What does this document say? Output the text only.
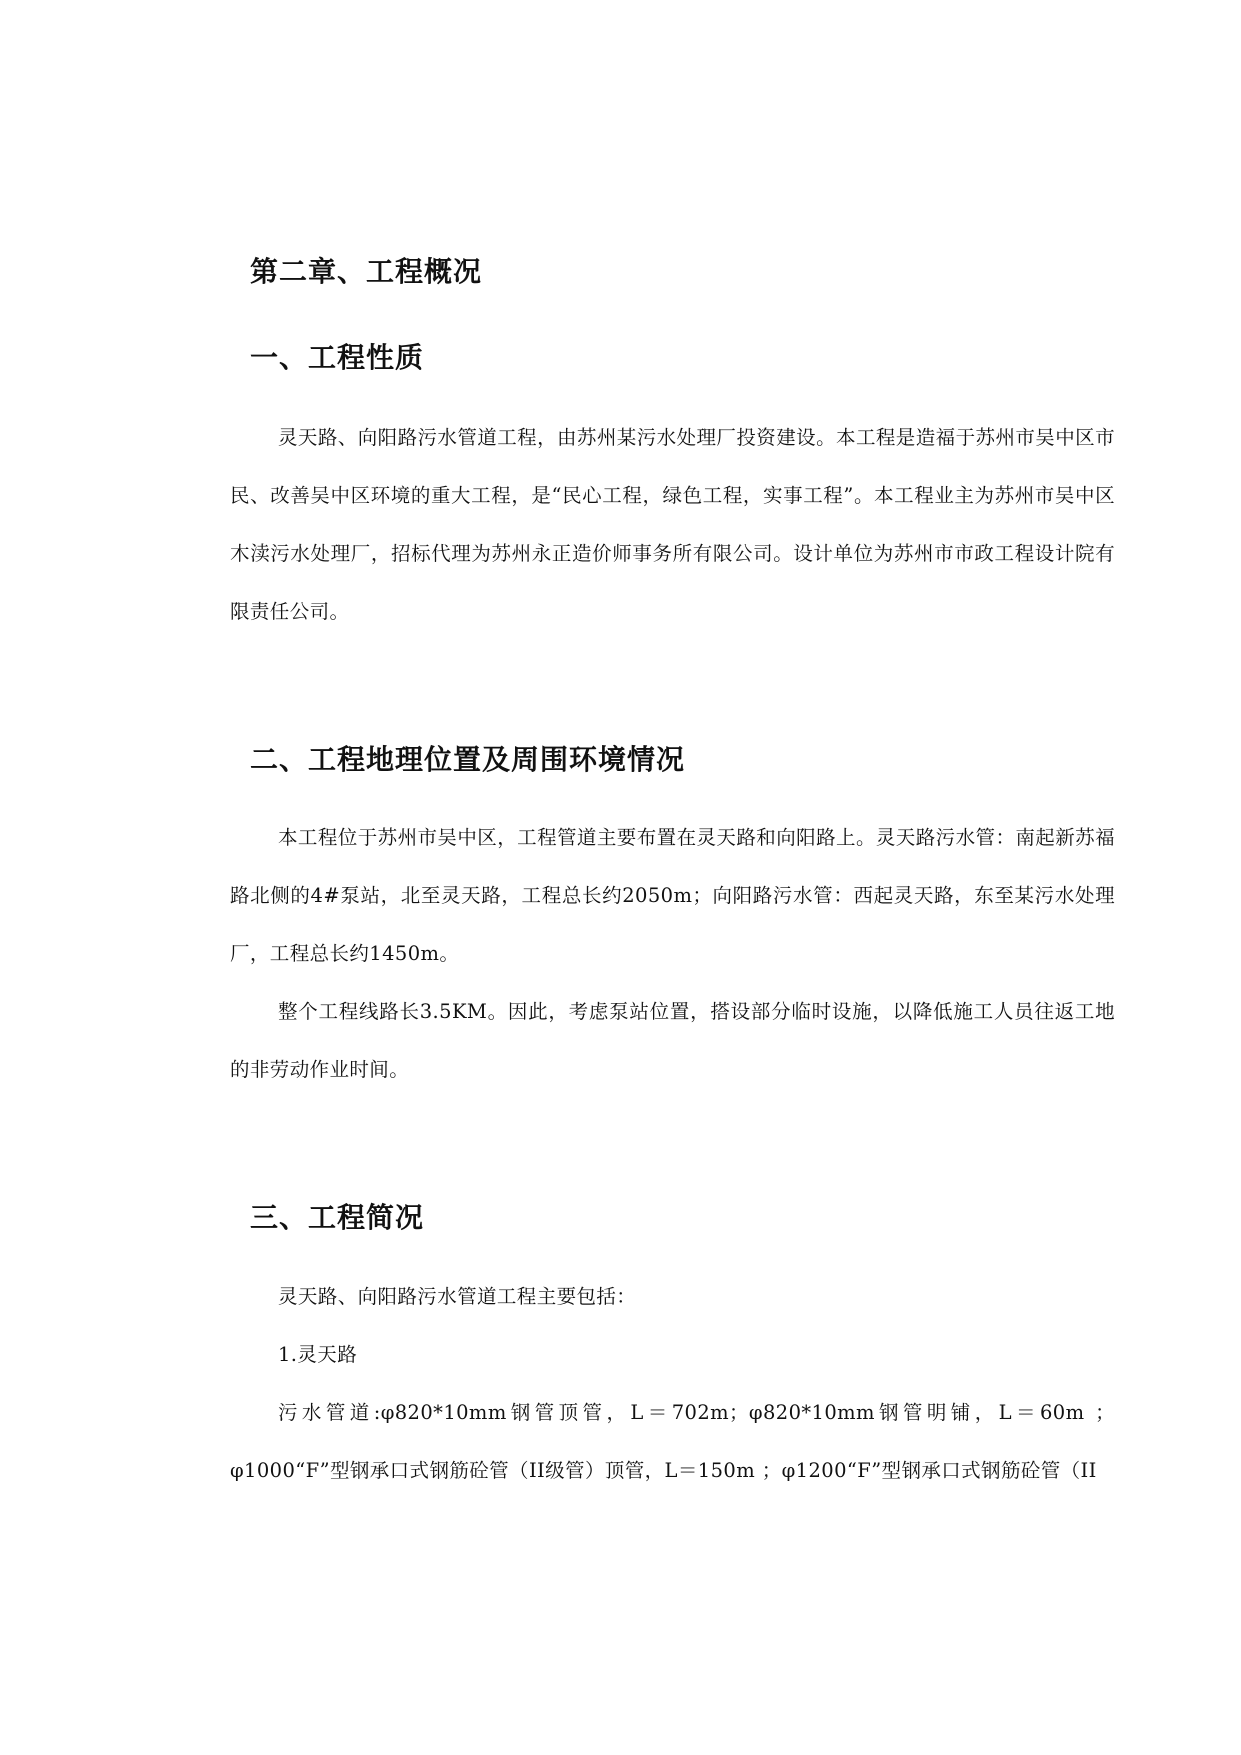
第二章、工程概况
一、工程性质

灵天路、向阳路污水管道工程，由苏州某污水处理厂投资建设。本工程是造福于苏州市吴中区市民、改善吴中区环境的重大工程，是“民心工程，绿色工程，实事工程”。本工程业主为苏州市吴中区木渎污水处理厂，招标代理为苏州永正造价师事务所有限公司。设计单位为苏州市市政工程设计院有限责任公司。

二、工程地理位置及周围环境情况

本工程位于苏州市吴中区，工程管道主要布置在灵天路和向阳路上。灵天路污水管：南起新苏福路北侧的4#泵站，北至灵天路，工程总长约2050m；向阳路污水管：西起灵天路，东至某污水处理厂，工程总长约1450m。

整个工程线路长3.5KM。因此，考虑泵站位置，搭设部分临时设施，以降低施工人员往返工地的非劳动作业时间。

三、工程简况

灵天路、向阳路污水管道工程主要包括：

1.灵天路

污水管道:φ820*10mm钢管顶管，L＝702m；φ820*10mm钢管明铺，L＝60m ；φ1000“F”型钢承口式钢筋砼管（II级管）顶管，L＝150m ；φ1200“F”型钢承口式钢筋砼管（II
